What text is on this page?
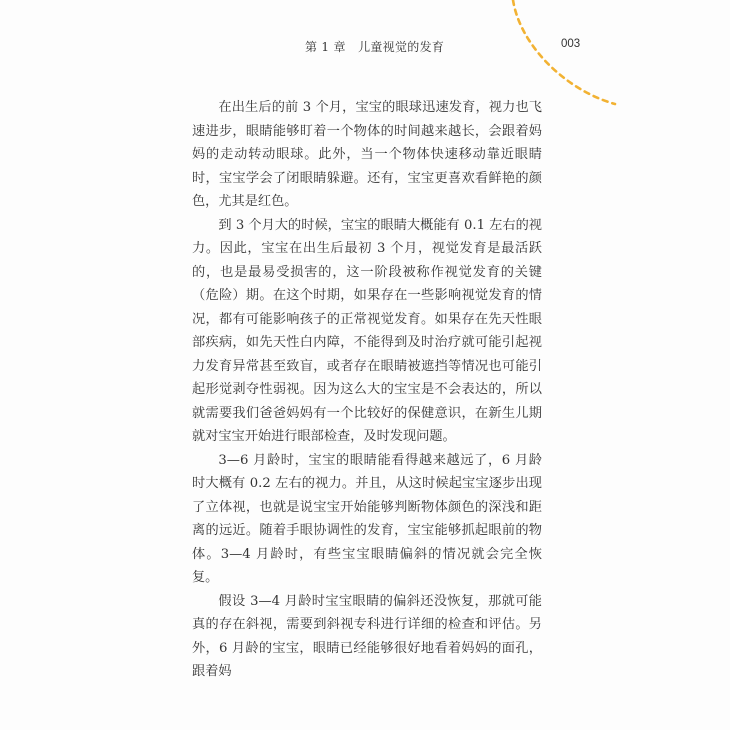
第 1 章　儿童视觉的发育	003

在出生后的前 3 个月，宝宝的眼球迅速发育，视力也飞速进步，眼睛能够盯着一个物体的时间越来越长，会跟着妈妈的走动转动眼球。此外，当一个物体快速移动靠近眼睛时，宝宝学会了闭眼睛躲避。还有，宝宝更喜欢看鲜艳的颜色，尤其是红色。

到 3 个月大的时候，宝宝的眼睛大概能有 0.1 左右的视力。因此，宝宝在出生后最初 3 个月，视觉发育是最活跃的，也是最易受损害的，这一阶段被称作视觉发育的关键（危险）期。在这个时期，如果存在一些影响视觉发育的情况，都有可能影响孩子的正常视觉发育。如果存在先天性眼部疾病，如先天性白内障，不能得到及时治疗就可能引起视力发育异常甚至致盲，或者存在眼睛被遮挡等情况也可能引起形觉剥夺性弱视。因为这么大的宝宝是不会表达的，所以就需要我们爸爸妈妈有一个比较好的保健意识，在新生儿期就对宝宝开始进行眼部检查，及时发现问题。

3—6 月龄时，宝宝的眼睛能看得越来越远了，6 月龄时大概有 0.2 左右的视力。并且，从这时候起宝宝逐步出现了立体视，也就是说宝宝开始能够判断物体颜色的深浅和距离的远近。随着手眼协调性的发育，宝宝能够抓起眼前的物体。3—4 月龄时，有些宝宝眼睛偏斜的情况就会完全恢复。

假设 3—4 月龄时宝宝眼睛的偏斜还没恢复，那就可能真的存在斜视，需要到斜视专科进行详细的检查和评估。另外，6 月龄的宝宝，眼睛已经能够很好地看着妈妈的面孔，跟着妈
